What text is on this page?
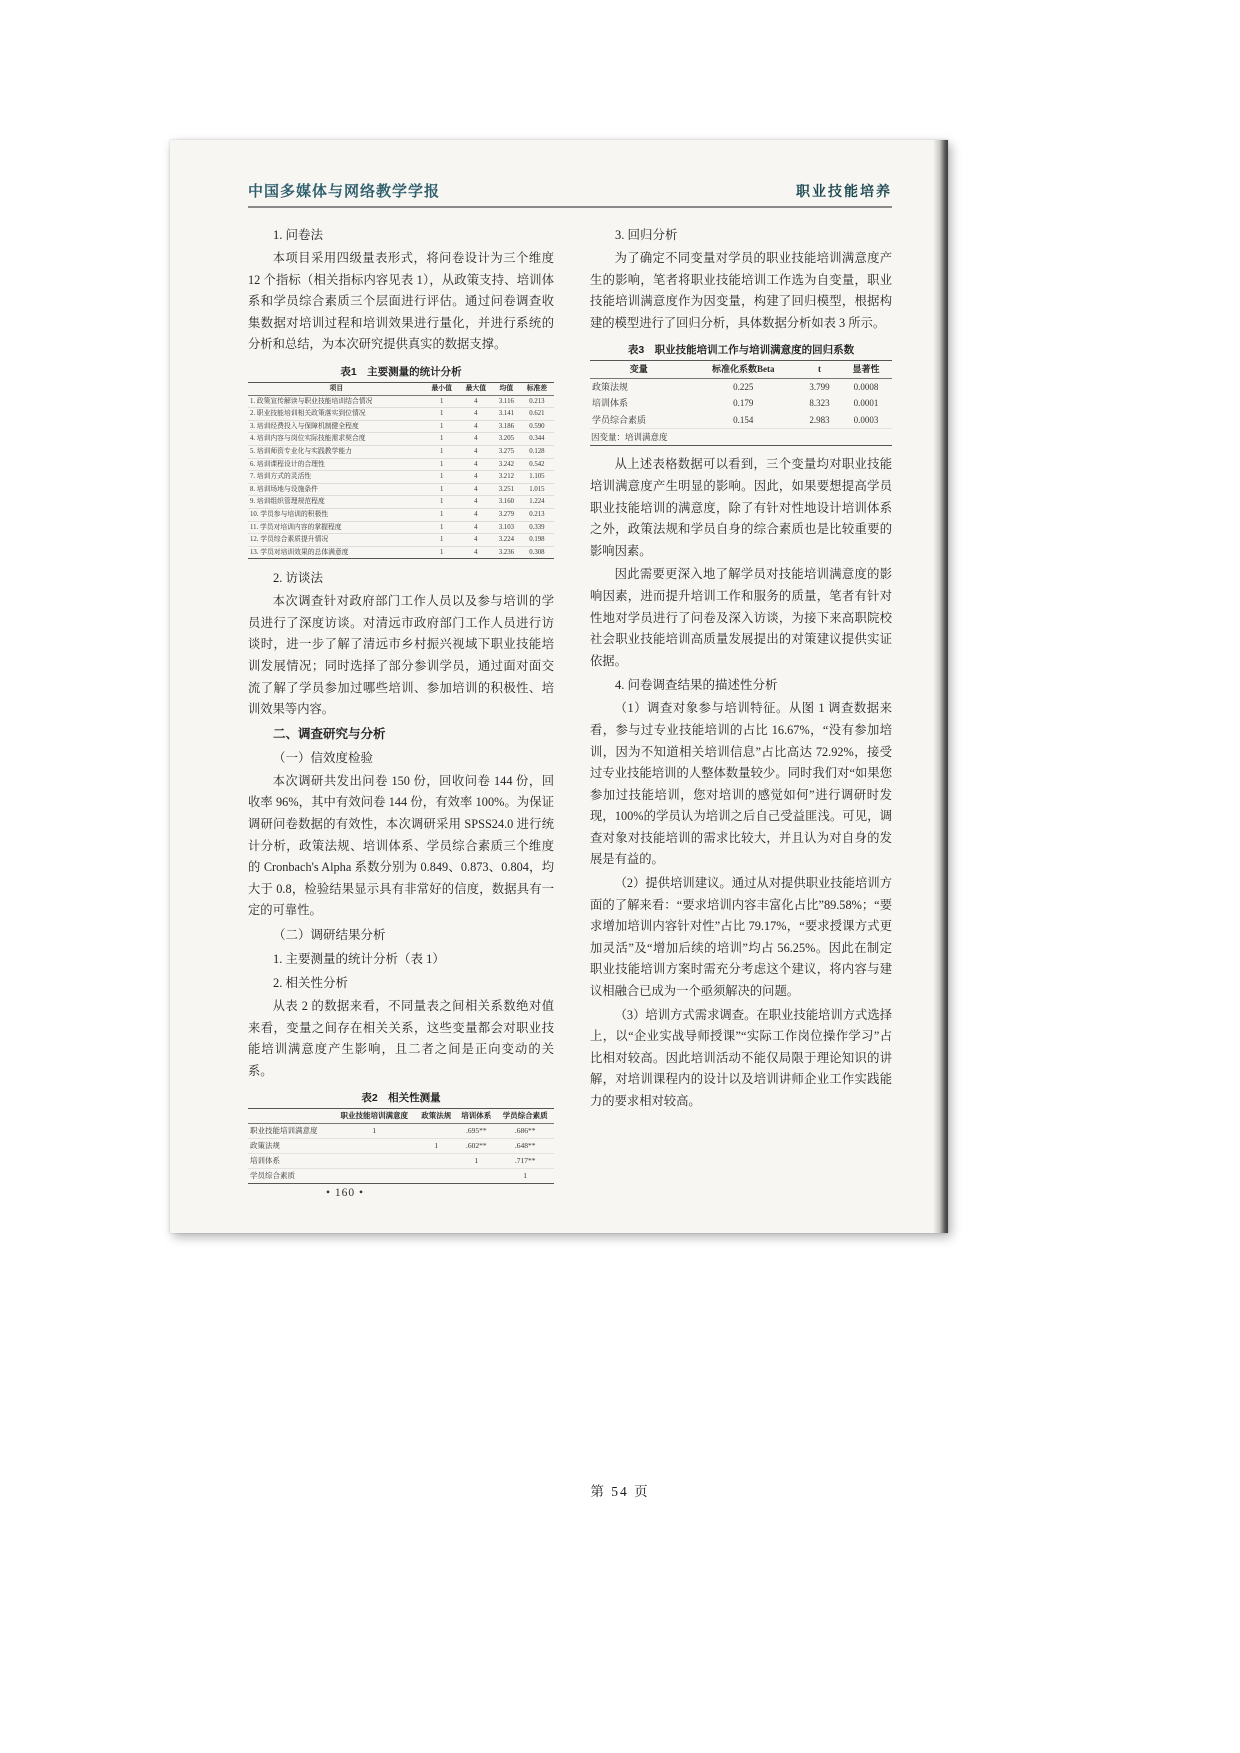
中国多媒体与网络教学学报	职业技能培养
1. 问卷法

本项目采用四级量表形式，将问卷设计为三个维度 12 个指标（相关指标内容见表 1），从政策支持、培训体系和学员综合素质三个层面进行评估。通过问卷调查收集数据对培训过程和培训效果进行量化，并进行系统的分析和总结，为本次研究提供真实的数据支撑。

表1　主要测量的统计分析
项目	最小值	最大值	均值	标准差
1. 政策宣传解读与职业技能培训结合情况	1	4	3.116	0.213
2. 职业技能培训相关政策落实到位情况	1	4	3.141	0.621
3. 培训经费投入与保障机制健全程度	1	4	3.186	0.590
4. 培训内容与岗位实际技能需求契合度	1	4	3.205	0.344
5. 培训师资专业化与实践教学能力	1	4	3.275	0.128
6. 培训课程设计的合理性	1	4	3.242	0.542
7. 培训方式的灵活性	1	4	3.212	1.105
8. 培训场地与设施条件	1	4	3.251	1.015
9. 培训组织管理规范程度	1	4	3.160	1.224
10. 学员参与培训的积极性	1	4	3.279	0.213
11. 学员对培训内容的掌握程度	1	4	3.103	0.339
12. 学员综合素质提升情况	1	4	3.224	0.198
13. 学员对培训效果的总体满意度	1	4	3.236	0.308
2. 访谈法

本次调查针对政府部门工作人员以及参与培训的学员进行了深度访谈。对清远市政府部门工作人员进行访谈时，进一步了解了清远市乡村振兴视域下职业技能培训发展情况；同时选择了部分参训学员，通过面对面交流了解了学员参加过哪些培训、参加培训的积极性、培训效果等内容。

二、调查研究与分析
（一）信效度检验

本次调研共发出问卷 150 份，回收问卷 144 份，回收率 96%，其中有效问卷 144 份，有效率 100%。为保证调研问卷数据的有效性，本次调研采用 SPSS24.0 进行统计分析，政策法规、培训体系、学员综合素质三个维度的 Cronbach's Alpha 系数分别为 0.849、0.873、0.804，均大于 0.8，检验结果显示具有非常好的信度，数据具有一定的可靠性。

（二）调研结果分析
1. 主要测量的统计分析（表 1）
2. 相关性分析

从表 2 的数据来看，不同量表之间相关系数绝对值来看，变量之间存在相关关系，这些变量都会对职业技能培训满意度产生影响，且二者之间是正向变动的关系。

表2　相关性测量
	职业技能培训满意度	政策法规	培训体系	学员综合素质
职业技能培训满意度	1		.695**	.686**
政策法规		1	.602**	.648**
培训体系			1	.717**
学员综合素质				1
3. 回归分析

为了确定不同变量对学员的职业技能培训满意度产生的影响，笔者将职业技能培训工作选为自变量，职业技能培训满意度作为因变量，构建了回归模型，根据构建的模型进行了回归分析，具体数据分析如表 3 所示。

表3　职业技能培训工作与培训满意度的回归系数
变量	标准化系数Beta	t	显著性
政策法规	0.225	3.799	0.0008
培训体系	0.179	8.323	0.0001
学员综合素质	0.154	2.983	0.0003
因变量：培训满意度

从上述表格数据可以看到，三个变量均对职业技能培训满意度产生明显的影响。因此，如果要想提高学员职业技能培训的满意度，除了有针对性地设计培训体系之外，政策法规和学员自身的综合素质也是比较重要的影响因素。

因此需要更深入地了解学员对技能培训满意度的影响因素，进而提升培训工作和服务的质量，笔者有针对性地对学员进行了问卷及深入访谈，为接下来高职院校社会职业技能培训高质量发展提出的对策建议提供实证依据。

4. 问卷调查结果的描述性分析

（1）调查对象参与培训特征。从图 1 调查数据来看，参与过专业技能培训的占比 16.67%，“没有参加培训，因为不知道相关培训信息”占比高达 72.92%，接受过专业技能培训的人整体数量较少。同时我们对“如果您参加过技能培训，您对培训的感觉如何”进行调研时发现，100%的学员认为培训之后自己受益匪浅。可见，调查对象对技能培训的需求比较大，并且认为对自身的发展是有益的。

（2）提供培训建议。通过从对提供职业技能培训方面的了解来看：“要求培训内容丰富化占比”89.58%；“要求增加培训内容针对性”占比 79.17%，“要求授课方式更加灵活”及“增加后续的培训”均占 56.25%。因此在制定职业技能培训方案时需充分考虑这个建议，将内容与建议相融合已成为一个亟须解决的问题。

（3）培训方式需求调查。在职业技能培训方式选择上，以“企业实战导师授课”“实际工作岗位操作学习”占比相对较高。因此培训活动不能仅局限于理论知识的讲解，对培训课程内的设计以及培训讲师企业工作实践能力的要求相对较高。

• 160 •
第 54 页
